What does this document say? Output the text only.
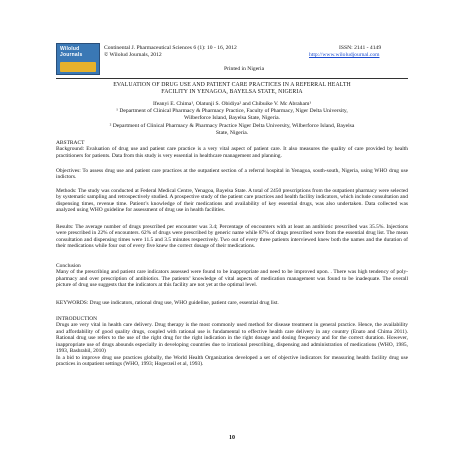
Wilolud Journals
Continental J. Pharmaceutical Sciences 6 (1): 10 - 16, 2012
© Wilolud Journals, 2012
ISSN: 2141 - 4149
http://www.wiloludjournal.com
Printed in Nigeria
EVALUATION OF DRUG USE AND PATIENT CARE PRACTICES IN A REFERRAL HEALTH
FACILITY IN YENAGOA, BAYELSA STATE, NIGERIA
Ifeanyi E. Chima¹, Olatunji S. Obidiya² and Chibuike V. Mc Abraham¹
¹ Department of Clinical Pharmacy & Pharmacy Practice, Faculty of Pharmacy, Niger Delta University,
Wilberforce Island, Bayelsa State, Nigeria.
² Department of Clinical Pharmacy & Pharmacy Practice Niger Delta University, Wilberforce Island, Bayelsa
State, Nigeria.

ABSTRACT

Background: Evaluation of drug use and patient care practice is a very vital aspect of patient care. It also measures the quality of care provided by health practitioners for patients. Data from this study is very essential in healthcare management and planning.

Objectives: To assess drug use and patient care practices at the outpatient section of a referral hospital in Yenagoa, south-south, Nigeria, using WHO drug use indictors.

Methods: The study was conducted at Federal Medical Centre, Yenagoa, Bayelsa State. A total of 2450 prescriptions from the outpatient pharmacy were selected by systematic sampling and retrospectively studied. A prospective study of the patient care practices and health facility indicators, which include consultation and dispensing times, revenue time. Patient’s knowledge of their medications and availability of key essential drugs, was also undertaken. Data collected was analyzed using WHO guideline for assessment of drug use in health facilities.

Results: The average number of drugs prescribed per encounter was 3.4; Percentage of encounters with at least an antibiotic prescribed was 35.5%. Injections were prescribed in 22% of encounters. 62% of drugs were prescribed by generic name while 87% of drugs prescribed were from the essential drug list. The mean consultation and dispensing times were 11.5 and 3.5 minutes respectively. Two out of every three patients interviewed knew both the names and the duration of their medications while four out of every five knew the correct dosage of their medications.

Conclusion

Many of the prescribing and patient care indicators assessed were found to be inappropriate and need to be improved upon. . There was high tendency of poly- pharmacy and over prescription of antibiotics. The patients’ knowledge of vital aspects of medication management was found to be inadequate. The overall picture of drug use suggests that the indicators at this facility are not yet at the optimal level.

KEYWORDS: Drug use indicators, rational drug use, WHO guideline, patient care, essential drug list.

INTRODUCTION

Drugs are very vital in health care delivery. Drug therapy is the most commonly used method for disease treatment in general practice. Hence, the availability and affordability of good quality drugs, coupled with rational use is fundamental to effective health care delivery in any country (Enato and Chima 2011). Rational drug use refers to the use of the right drug for the right indication in the right dosage and dosing frequency and for the correct duration. However, inappropriate use of drugs abounds especially in developing countries due to irrational prescribing, dispensing and administration of medications (WHO, 1985, 1993, Bashrahil, 2010)

In a bid to improve drug use practices globally, the World Health Organization developed a set of objective indicators for measuring health facility drug use practices in outpatient settings (WHO, 1993; Hogerzeil et al, 1993).

10
